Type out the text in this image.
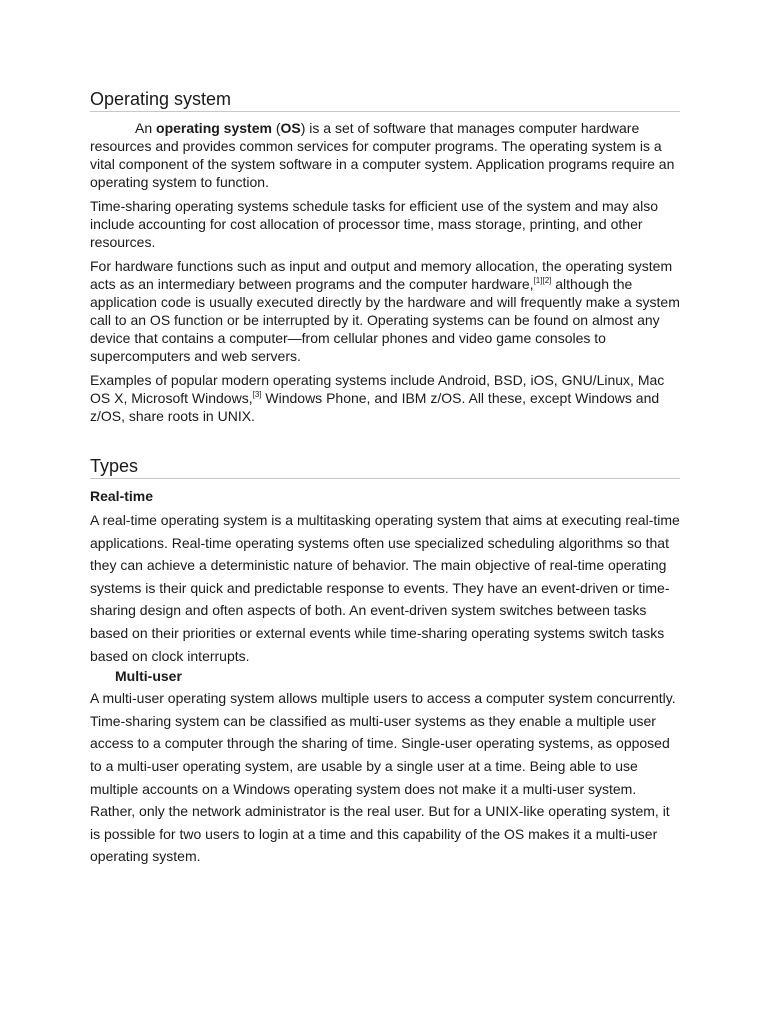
Operating system

An operating system (OS) is a set of software that manages computer hardware resources and provides common services for computer programs. The operating system is a vital component of the system software in a computer system. Application programs require an operating system to function.

Time-sharing operating systems schedule tasks for efficient use of the system and may also include accounting for cost allocation of processor time, mass storage, printing, and other resources.

For hardware functions such as input and output and memory allocation, the operating system acts as an intermediary between programs and the computer hardware,[1][2] although the application code is usually executed directly by the hardware and will frequently make a system call to an OS function or be interrupted by it. Operating systems can be found on almost any device that contains a computer—from cellular phones and video game consoles to supercomputers and web servers.

Examples of popular modern operating systems include Android, BSD, iOS, GNU/Linux, Mac OS X, Microsoft Windows,[3] Windows Phone, and IBM z/OS. All these, except Windows and z/OS, share roots in UNIX.

Types
Real-time

A real-time operating system is a multitasking operating system that aims at executing real-time applications. Real-time operating systems often use specialized scheduling algorithms so that they can achieve a deterministic nature of behavior. The main objective of real-time operating systems is their quick and predictable response to events. They have an event-driven or time-sharing design and often aspects of both. An event-driven system switches between tasks based on their priorities or external events while time-sharing operating systems switch tasks based on clock interrupts.

Multi-user

A multi-user operating system allows multiple users to access a computer system concurrently. Time-sharing system can be classified as multi-user systems as they enable a multiple user access to a computer through the sharing of time. Single-user operating systems, as opposed to a multi-user operating system, are usable by a single user at a time. Being able to use multiple accounts on a Windows operating system does not make it a multi-user system. Rather, only the network administrator is the real user. But for a UNIX-like operating system, it is possible for two users to login at a time and this capability of the OS makes it a multi-user operating system.
